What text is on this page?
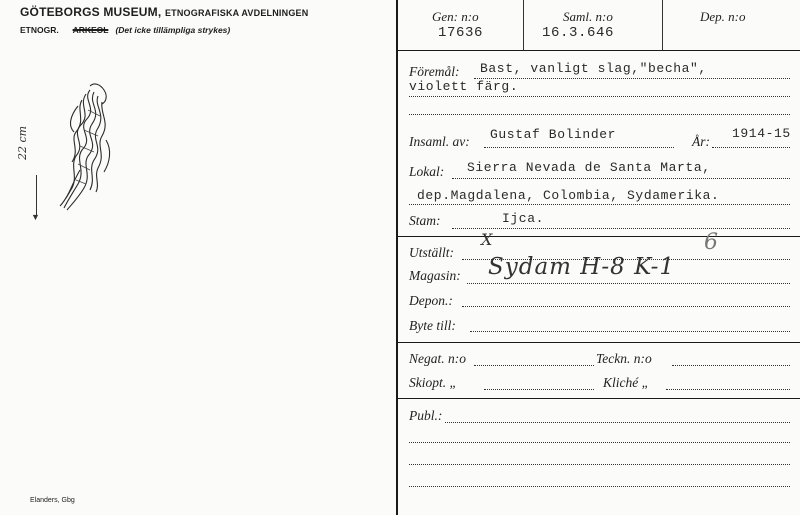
GÖTEBORGS MUSEUM, ETNOGRAFISKA AVDELNINGEN
ETNOGR. ARKEOL (Det icke tillämpliga strykes)
▼
22 cm
Elanders, Gbg
Gen: n:o
17636
Saml. n:o
16.3.646
Dep. n:o
Föremål: Bast, vanligt slag,"becha",
violett färg.
Insaml. av: Gustaf Bolinder	År:
1914-15
Lokal: Sierra Nevada de Santa Marta,
dep.Magdalena, Colombia, Sydamerika.
Stam:	Ijca.
Utställt:
X
Magasin: Sydam H-8 K-1
6
Depon.:
Byte till:
Negat. n:o	Teckn. n:o
Skiopt. „	Kliché „
Publ.:
